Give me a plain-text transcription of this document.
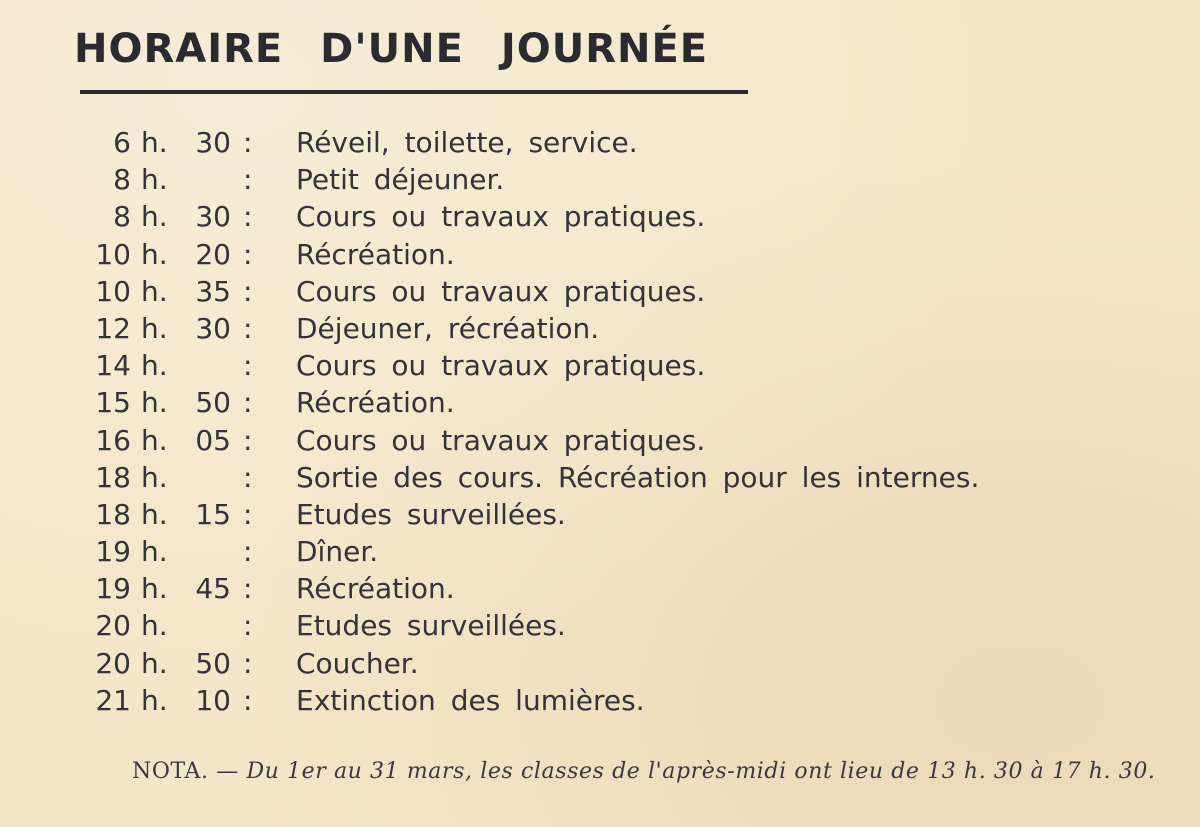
HORAIRE D'UNE JOURNÉE
6 h. 30 : Réveil, toilette, service.
8 h.	: Petit déjeuner.
8 h. 30 : Cours ou travaux pratiques.
10 h. 20 : Récréation.
10 h. 35 : Cours ou travaux pratiques.
12 h. 30 : Déjeuner, récréation.
14 h.	: Cours ou travaux pratiques.
15 h. 50 : Récréation.
16 h. 05 : Cours ou travaux pratiques.
18 h.	: Sortie des cours. Récréation pour les internes.
18 h. 15 : Etudes surveillées.
19 h.	: Dîner.
19 h. 45 : Récréation.
20 h.	: Etudes surveillées.
20 h. 50 : Coucher.
21 h. 10 : Extinction des lumières.

NOTA. — Du 1er au 31 mars, les classes de l'après-midi ont lieu de 13 h. 30 à 17 h. 30.
